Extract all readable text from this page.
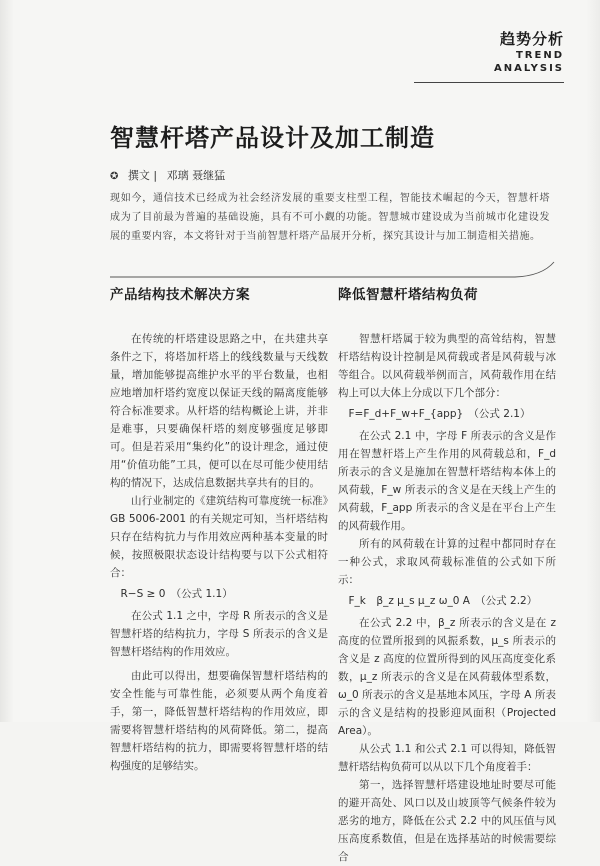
趋势分析
TREND
ANALYSIS
智慧杆塔产品设计及加工制造
✪ 撰文 | 邓璃 聂继猛
现如今，通信技术已经成为社会经济发展的重要支柱型工程，智能技术崛起的今天，智慧杆塔成为了目前最为普遍的基础设施，具有不可小觑的功能。智慧城市建设成为当前城市化建设发展的重要内容，本文将针对于当前智慧杆塔产品展开分析，探究其设计与加工制造相关措施。
产品结构技术解决方案

在传统的杆塔建设思路之中，在共建共享条件之下，将塔加杆塔上的线线数量与天线数量，增加能够提高维护水平的平台数量，也相应地增加杆塔约宽度以保证天线的隔离度能够符合标准要求。从杆塔的结构概论上讲，并非是难事，只要确保杆塔的刻度够强度足够即可。但是若采用“集约化”的设计理念，通过使用“价值功能”工具，便可以在尽可能少使用结构的情况下，达成信息数据共享共有的目的。

山行业制定的《建筑结构可靠度统一标准》GB 5006-2001 的有关规定可知，当杆塔结构只存在结构抗力与作用效应两种基本变量的时候，按照极限状态设计结构要与以下公式相符合：

R−S ≥ 0　（公式 1.1）

在公式 1.1 之中，字母 R 所表示的含义是智慧杆塔的结构抗力，字母 S 所表示的含义是智慧杆塔结构的作用效应。

由此可以得出，想要确保智慧杆塔结构的安全性能与可靠性能，必须要从两个角度着手，第一，降低智慧杆塔结构的作用效应，即需要将智慧杆塔结构的风荷降低。第二，提高智慧杆塔结构的抗力，即需要将智慧杆塔的结构强度的足够结实。

降低智慧杆塔结构负荷

智慧杆塔属于较为典型的高耸结构，智慧杆塔结构设计控制是风荷载或者是风荷载与冰等组合。以风荷载举例而言，风荷载作用在结构上可以大体上分成以下几个部分：

F=F_d+F_w+F_{app}　（公式 2.1）

在公式 2.1 中，字母 F 所表示的含义是作用在智慧杆塔上产生作用的风荷载总和，F_d 所表示的含义是施加在智慧杆塔结构本体上的风荷载，F_w 所表示的含义是在天线上产生的风荷载，F_app 所表示的含义是在平台上产生的风荷载作用。

所有的风荷载在计算的过程中都同时存在一种公式，求取风荷载标准值的公式如下所示：

F_k　β_z μ_s μ_z ω_0 A　（公式 2.2）

在公式 2.2 中，β_z 所表示的含义是在 z 高度的位置所报到的风振系数，μ_s 所表示的含义是 z 高度的位置所得到的风压高度变化系数，μ_z 所表示的含义是在风荷载体型系数，ω_0 所表示的含义是基地本风压，字母 A 所表示的含义是结构的投影迎风面积（Projected Area）。

从公式 1.1 和公式 2.1 可以得知，降低智慧杆塔结构负荷可以从以下几个角度着手：

第一，选择智慧杆塔建设地址时要尽可能的避开高处、风口以及山坡顶等气候条件较为恶劣的地方，降低在公式 2.2 中的风压值与风压高度系数值，但是在选择基站的时候需要综合
